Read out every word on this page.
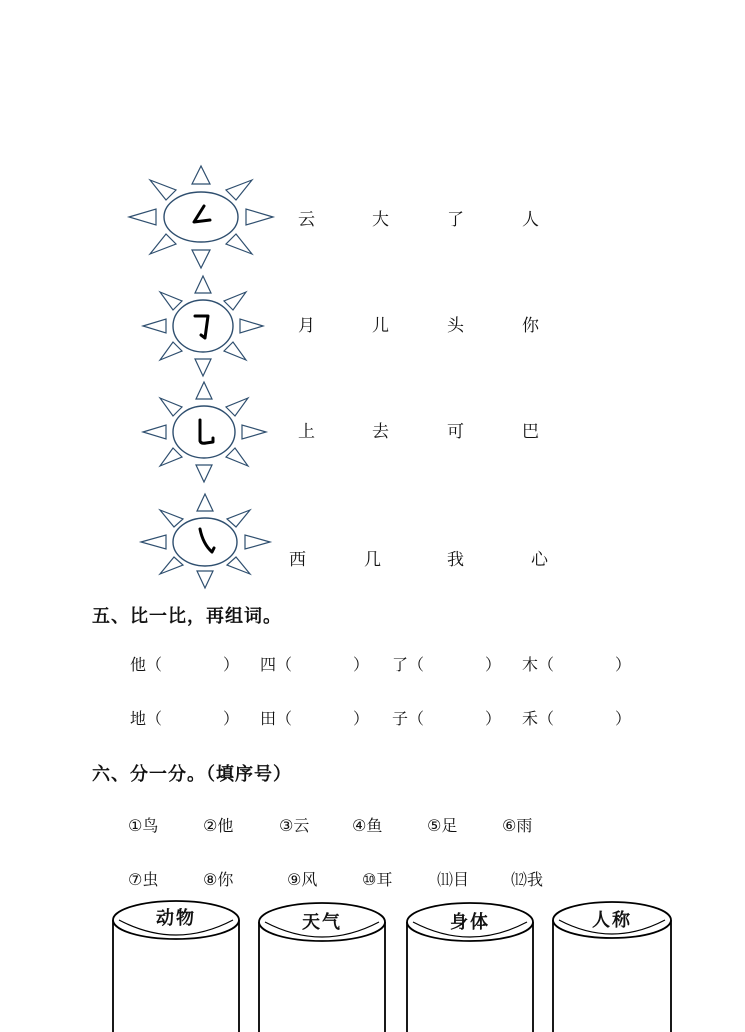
云	大	了	人
月	儿	头	你
上	去	可	巴
西	几	我	心
五、比一比，再组词。
他（            ） 四（            ） 了（            ） 木（            ）
地（            ） 田（            ） 子（            ） 禾（            ）
六、分一分。（填序号）
①鸟	②他	③云	④鱼	⑤足	⑥雨
⑦虫	⑧你	⑨风	⑩耳	⑾目	⑿我
动物	天气	身体	人称
